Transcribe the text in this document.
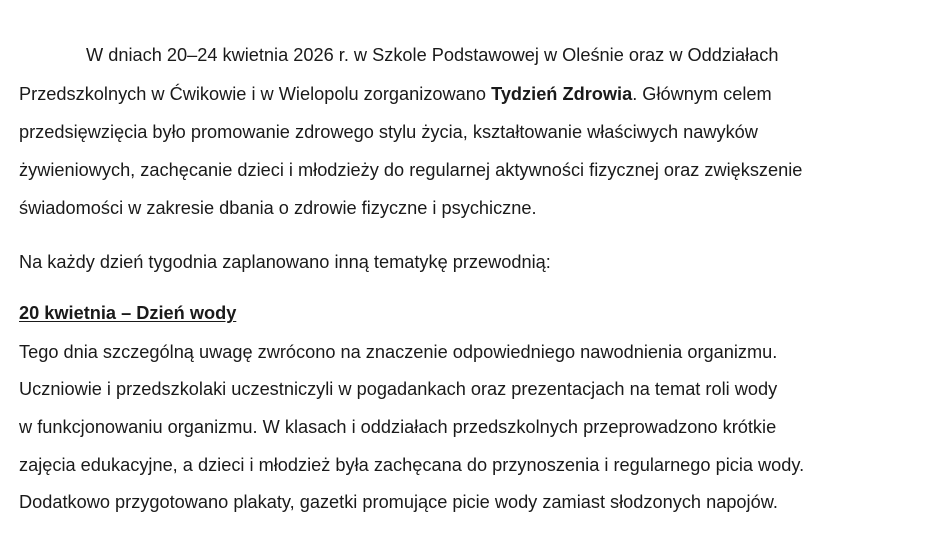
W dniach 20–24 kwietnia 2026 r. w Szkole Podstawowej w Oleśnie oraz w Oddziałach
Przedszkolnych w Ćwikowie i w Wielopolu zorganizowano Tydzień Zdrowia. Głównym celem
przedsięwzięcia było promowanie zdrowego stylu życia, kształtowanie właściwych nawyków
żywieniowych, zachęcanie dzieci i młodzieży do regularnej aktywności fizycznej oraz zwiększenie
świadomości w zakresie dbania o zdrowie fizyczne i psychiczne.
Na każdy dzień tygodnia zaplanowano inną tematykę przewodnią:
20 kwietnia – Dzień wody
Tego dnia szczególną uwagę zwrócono na znaczenie odpowiedniego nawodnienia organizmu.
Uczniowie i przedszkolaki uczestniczyli w pogadankach oraz prezentacjach na temat roli wody
w funkcjonowaniu organizmu. W klasach i oddziałach przedszkolnych przeprowadzono krótkie
zajęcia edukacyjne, a dzieci i młodzież była zachęcana do przynoszenia i regularnego picia wody.
Dodatkowo przygotowano plakaty, gazetki promujące picie wody zamiast słodzonych napojów.
